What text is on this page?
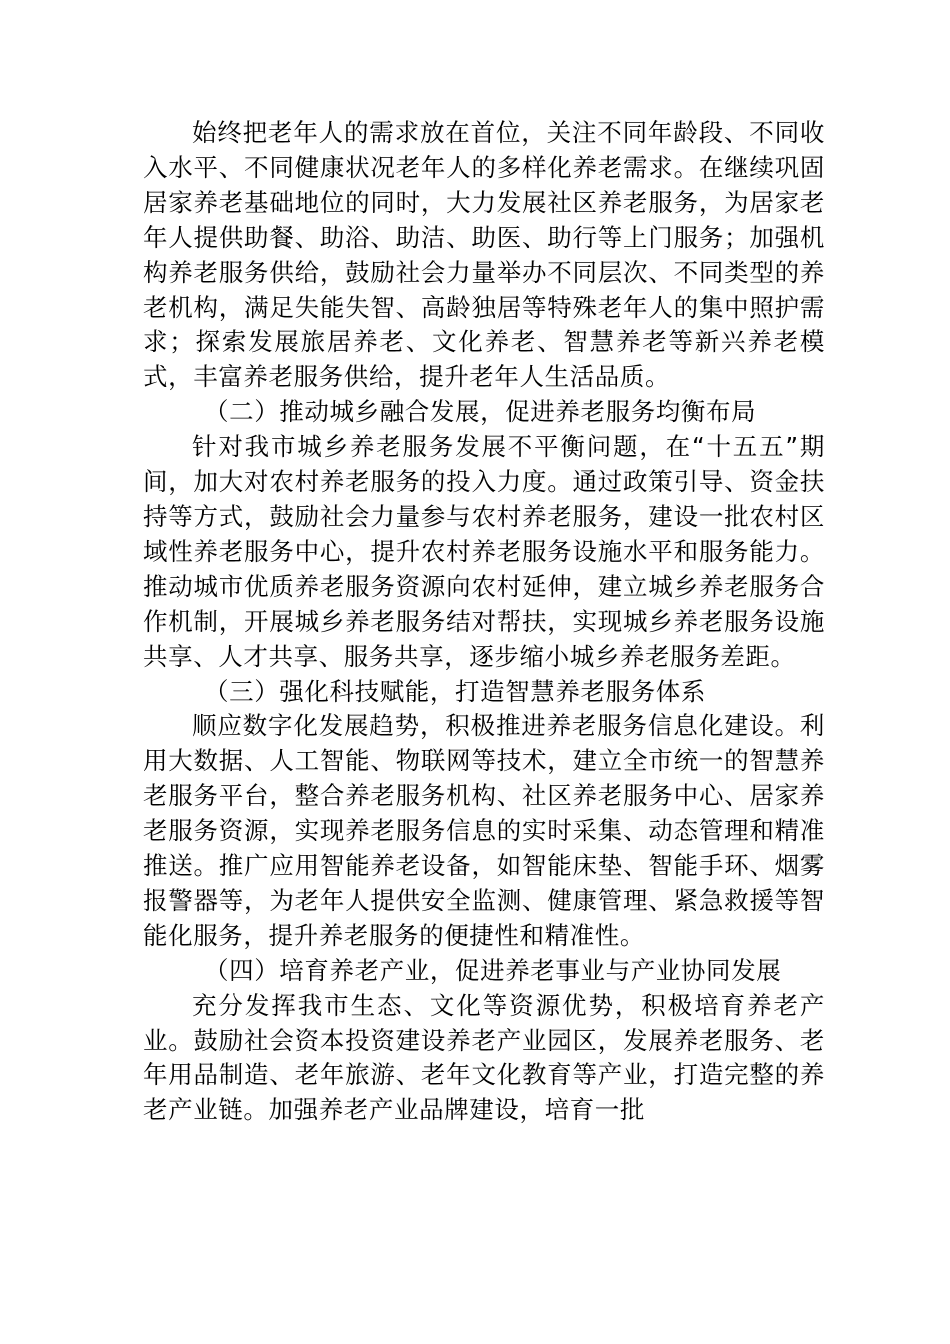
始终把老年人的需求放在首位，关注不同年龄段、不同收入水平、不同健康状况老年人的多样化养老需求。在继续巩固居家养老基础地位的同时，大力发展社区养老服务，为居家老年人提供助餐、助浴、助洁、助医、助行等上门服务；加强机构养老服务供给，鼓励社会力量举办不同层次、不同类型的养老机构，满足失能失智、高龄独居等特殊老年人的集中照护需求；探索发展旅居养老、文化养老、智慧养老等新兴养老模式，丰富养老服务供给，提升老年人生活品质。

（二）推动城乡融合发展，促进养老服务均衡布局

针对我市城乡养老服务发展不平衡问题，在“十五五”期间，加大对农村养老服务的投入力度。通过政策引导、资金扶持等方式，鼓励社会力量参与农村养老服务，建设一批农村区域性养老服务中心，提升农村养老服务设施水平和服务能力。推动城市优质养老服务资源向农村延伸，建立城乡养老服务合作机制，开展城乡养老服务结对帮扶，实现城乡养老服务设施共享、人才共享、服务共享，逐步缩小城乡养老服务差距。

（三）强化科技赋能，打造智慧养老服务体系

顺应数字化发展趋势，积极推进养老服务信息化建设。利用大数据、人工智能、物联网等技术，建立全市统一的智慧养老服务平台，整合养老服务机构、社区养老服务中心、居家养老服务资源，实现养老服务信息的实时采集、动态管理和精准推送。推广应用智能养老设备，如智能床垫、智能手环、烟雾报警器等，为老年人提供安全监测、健康管理、紧急救援等智能化服务，提升养老服务的便捷性和精准性。

（四）培育养老产业，促进养老事业与产业协同发展

充分发挥我市生态、文化等资源优势，积极培育养老产业。鼓励社会资本投资建设养老产业园区，发展养老服务、老年用品制造、老年旅游、老年文化教育等产业，打造完整的养老产业链。加强养老产业品牌建设，培育一批
